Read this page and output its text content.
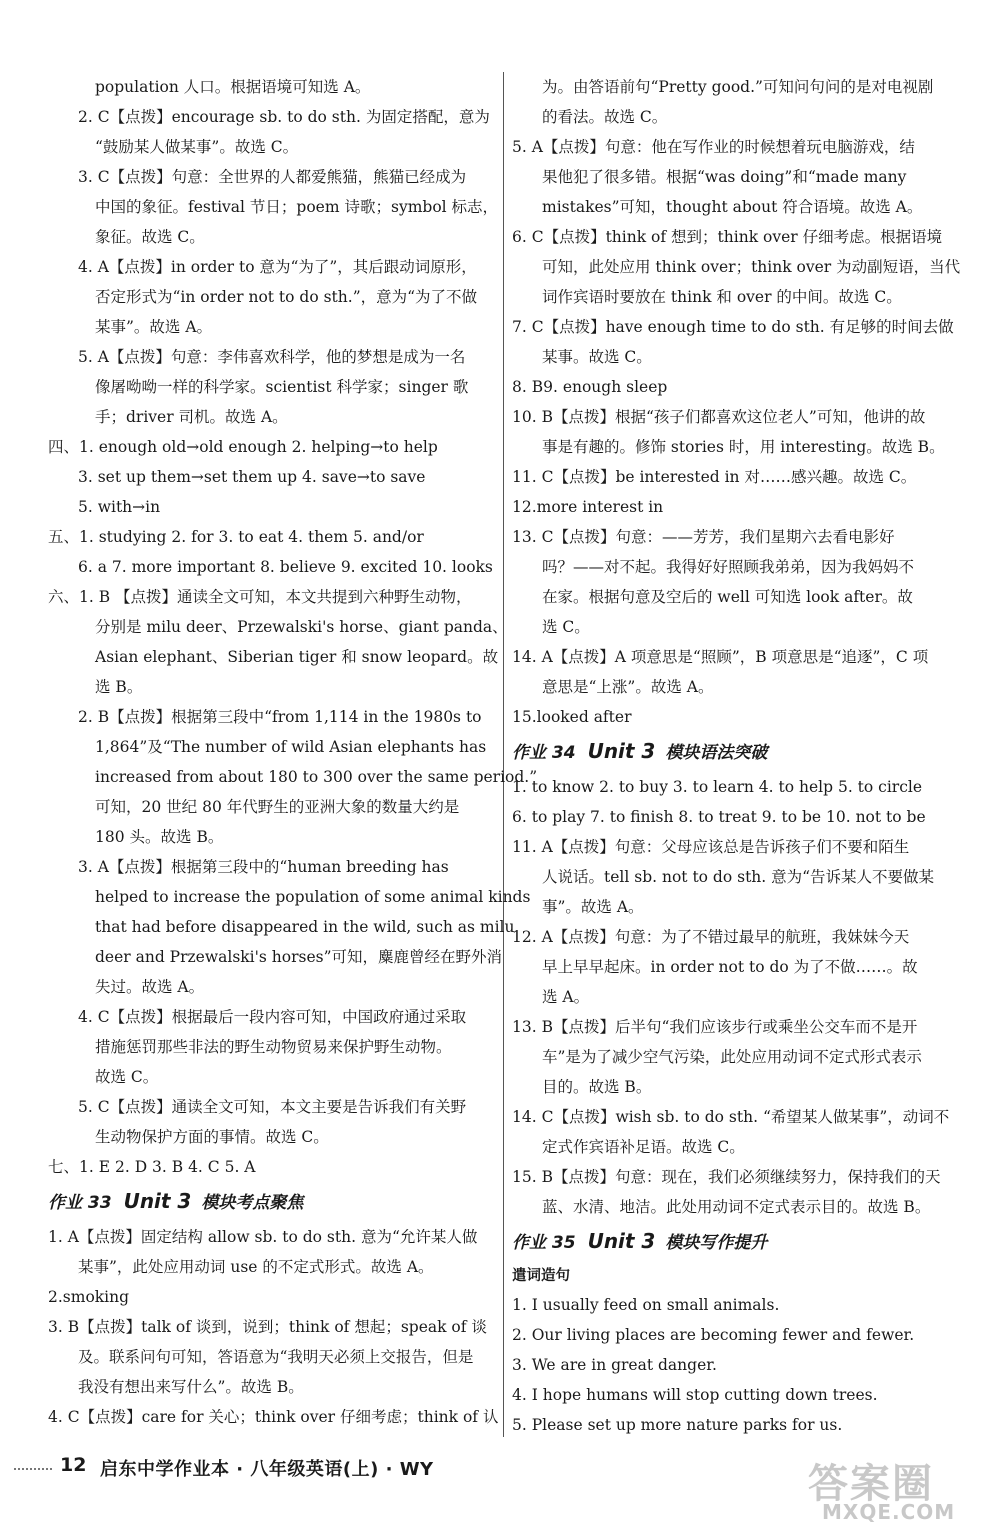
population 人口。根据语境可知选 A。
2. C 【点拨】encourage sb. to do sth. 为固定搭配，意为
“鼓励某人做某事”。故选 C。
3. C 【点拨】句意：全世界的人都爱熊猫，熊猫已经成为
中国的象征。festival 节日；poem 诗歌；symbol 标志，
象征。故选 C。
4. A 【点拨】in order to 意为“为了”，其后跟动词原形，
否定形式为“in order not to do sth.”，意为“为了不做
某事”。故选 A。
5. A 【点拨】句意：李伟喜欢科学，他的梦想是成为一名
像屠呦呦一样的科学家。scientist 科学家；singer 歌
手；driver 司机。故选 A。
四、 1. enough old→old enough 2. helping→to help
3. set up them→set them up 4. save→to save
5. with→in
五、 1. studying 2. for 3. to eat 4. them 5. and/or
6. a 7. more important 8. believe 9. excited 10. looks
六、 1. B 【点拨】通读全文可知，本文共提到六种野生动物，
分别是 milu deer、Przewalski's horse、giant panda、
Asian elephant、Siberian tiger 和 snow leopard。故
选 B。
2. B 【点拨】根据第三段中“from 1,114 in the 1980s to
1,864”及“The number of wild Asian elephants has
increased from about 180 to 300 over the same period.”
可知，20 世纪 80 年代野生的亚洲大象的数量大约是
180 头。故选 B。
3. A 【点拨】根据第三段中的“human breeding has
helped to increase the population of some animal kinds
that had before disappeared in the wild, such as milu
deer and Przewalski's horses”可知，麋鹿曾经在野外消
失过。故选 A。
4. C 【点拨】根据最后一段内容可知，中国政府通过采取
措施惩罚那些非法的野生动物贸易来保护野生动物。
故选 C。
5. C 【点拨】通读全文可知，本文主要是告诉我们有关野
生动物保护方面的事情。故选 C。
七、 1. E 2. D 3. B 4. C 5. A
作业 33 Unit 3 模块考点聚焦
1. A 【点拨】固定结构 allow sb. to do sth. 意为“允许某人做
某事”，此处应用动词 use 的不定式形式。故选 A。
2. smoking
3. B 【点拨】talk of 谈到，说到；think of 想起；speak of 谈
及。联系问句可知，答语意为“我明天必须上交报告，但是
我没有想出来写什么”。故选 B。
4. C 【点拨】care for 关心；think over 仔细考虑；think of 认
为。由答语前句“Pretty good.”可知问句问的是对电视剧
的看法。故选 C。
5. A 【点拨】句意：他在写作业的时候想着玩电脑游戏，结
果他犯了很多错。根据“was doing”和“made many
mistakes”可知，thought about 符合语境。故选 A。
6. C 【点拨】think of 想到；think over 仔细考虑。根据语境
可知，此处应用 think over；think over 为动副短语，当代
词作宾语时要放在 think 和 over 的中间。故选 C。
7. C 【点拨】have enough time to do sth. 有足够的时间去做
某事。故选 C。
8. B 9. enough sleep
10. B 【点拨】根据“孩子们都喜欢这位老人”可知，他讲的故
事是有趣的。修饰 stories 时，用 interesting。故选 B。
11. C 【点拨】be interested in 对……感兴趣。故选 C。
12. more interest in
13. C 【点拨】句意：——芳芳，我们星期六去看电影好
吗？——对不起。我得好好照顾我弟弟，因为我妈妈不
在家。根据句意及空后的 well 可知选 look after。故
选 C。
14. A 【点拨】A 项意思是“照顾”，B 项意思是“追逐”，C 项
意思是“上涨”。故选 A。
15. looked after
作业 34 Unit 3 模块语法突破
1. to know 2. to buy 3. to learn 4. to help 5. to circle
6. to play 7. to finish 8. to treat 9. to be 10. not to be
11. A 【点拨】句意：父母应该总是告诉孩子们不要和陌生
人说话。tell sb. not to do sth. 意为“告诉某人不要做某
事”。故选 A。
12. A 【点拨】句意：为了不错过最早的航班，我妹妹今天
早上早早起床。in order not to do 为了不做……。故
选 A。
13. B 【点拨】后半句“我们应该步行或乘坐公交车而不是开
车”是为了减少空气污染，此处应用动词不定式形式表示
目的。故选 B。
14. C 【点拨】wish sb. to do sth. “希望某人做某事”，动词不
定式作宾语补足语。故选 C。
15. B 【点拨】句意：现在，我们必须继续努力，保持我们的天
蓝、水清、地洁。此处用动词不定式表示目的。故选 B。
作业 35 Unit 3 模块写作提升
遣词造句
1. I usually feed on small animals.
2. Our living places are becoming fewer and fewer.
3. We are in great danger.
4. I hope humans will stop cutting down trees.
5. Please set up more nature parks for us.
12 启东中学作业本 · 八年级英语(上) · WY	答案圈
MXQE.COM
